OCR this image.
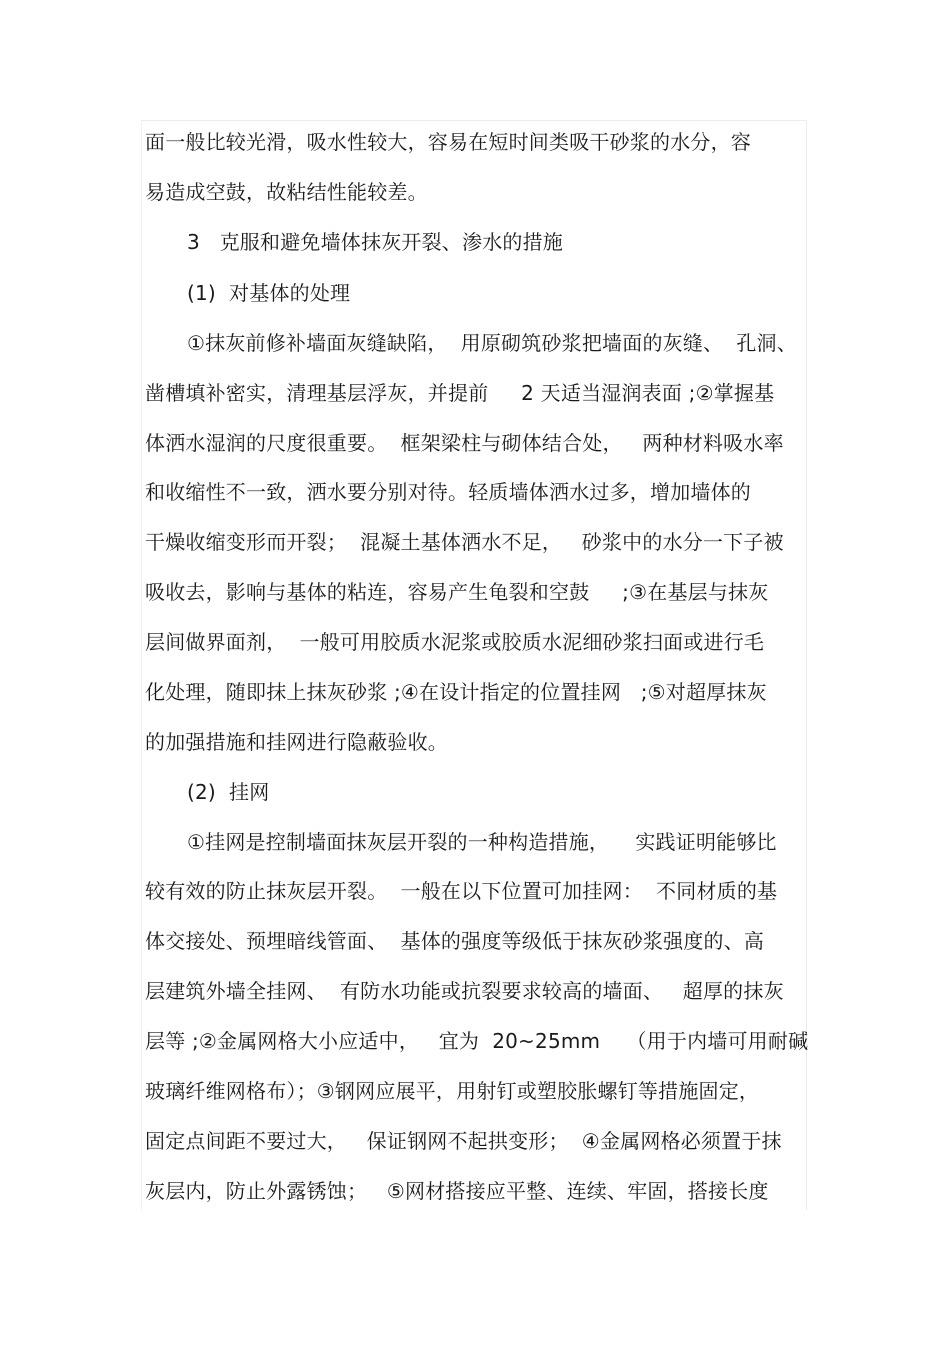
面一般比较光滑，吸水性较大，容易在短时间类吸干砂浆的水分，容
易造成空鼓，故粘结性能较差。
3   克服和避免墙体抹灰开裂、渗水的措施
(1)  对基体的处理
①抹灰前修补墙面灰缝缺陷，  用原砌筑砂浆把墙面的灰缝、  孔洞、
凿槽填补密实，清理基层浮灰，并提前     2 天适当湿润表面 ;②掌握基
体洒水湿润的尺度很重要。  框架梁柱与砌体结合处，   两种材料吸水率
和收缩性不一致，洒水要分别对待。轻质墙体洒水过多，增加墙体的
干燥收缩变形而开裂；  混凝土基体洒水不足，   砂浆中的水分一下子被
吸收去，影响与基体的粘连，容易产生龟裂和空鼓     ;③在基层与抹灰
层间做界面剂，  一般可用胶质水泥浆或胶质水泥细砂浆扫面或进行毛
化处理，随即抹上抹灰砂浆 ;④在设计指定的位置挂网   ;⑤对超厚抹灰
的加强措施和挂网进行隐蔽验收。
(2)  挂网
①挂网是控制墙面抹灰层开裂的一种构造措施，    实践证明能够比
较有效的防止抹灰层开裂。  一般在以下位置可加挂网：  不同材质的基
体交接处、预埋暗线管面、  基体的强度等级低于抹灰砂浆强度的、高
层建筑外墙全挂网、  有防水功能或抗裂要求较高的墙面、   超厚的抹灰
层等 ;②金属网格大小应适中，   宜为  20~25mm    （用于内墙可用耐碱
玻璃纤维网格布）；③钢网应展平，用射钉或塑胶胀螺钉等措施固定，
固定点间距不要过大，   保证钢网不起拱变形；  ④金属网格必须置于抹
灰层内，防止外露锈蚀；   ⑤网材搭接应平整、连续、牢固，搭接长度
